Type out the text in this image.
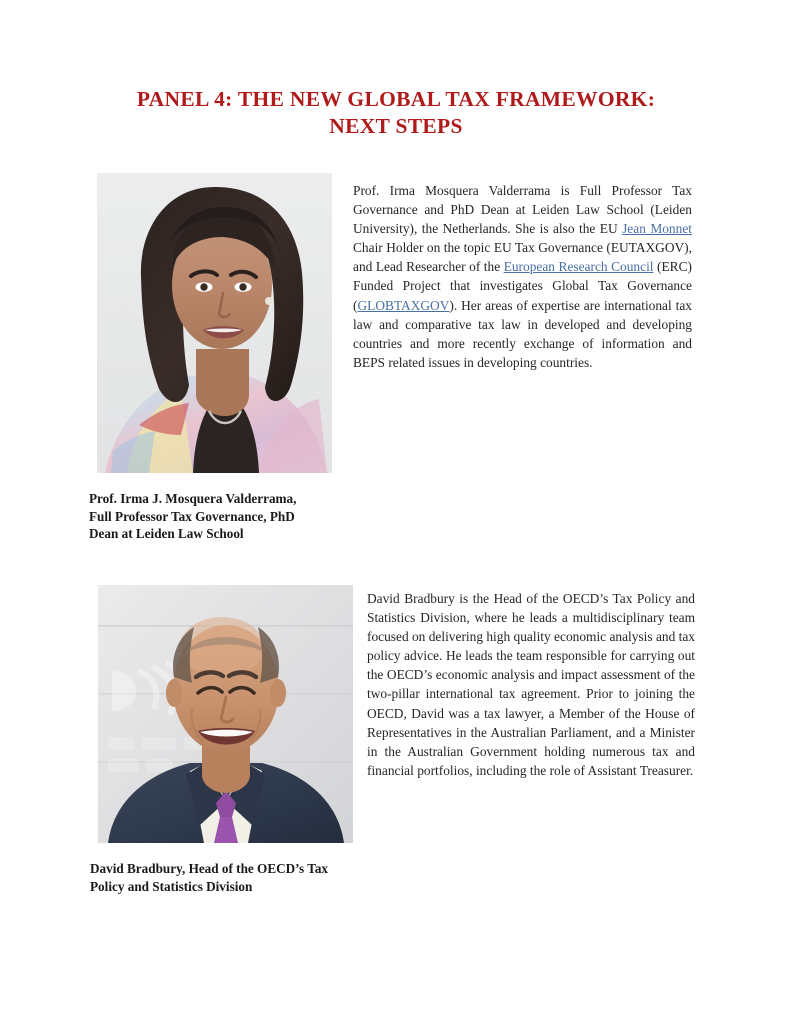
PANEL 4: THE NEW GLOBAL TAX FRAMEWORK:
NEXT STEPS
Prof. Irma J. Mosquera Valderrama,
Full Professor Tax Governance, PhD
Dean at Leiden Law School

Prof. Irma Mosquera Valderrama is Full Professor Tax Governance and PhD Dean at Leiden Law School (Leiden University), the Netherlands. She is also the EU Jean Monnet Chair Holder on the topic EU Tax Governance (EUTAXGOV), and Lead Researcher of the European Research Council (ERC) Funded Project that investigates Global Tax Governance (GLOBTAXGOV). Her areas of expertise are international tax law and comparative tax law in developed and developing countries and more recently exchange of information and BEPS related issues in developing countries.

David Bradbury, Head of the OECD’s Tax
Policy and Statistics Division

David Bradbury is the Head of the OECD’s Tax Policy and Statistics Division, where he leads a multidisciplinary team focused on delivering high quality economic analysis and tax policy advice. He leads the team responsible for carrying out the OECD’s economic analysis and impact assessment of the two-pillar international tax agreement. Prior to joining the OECD, David was a tax lawyer, a Member of the House of Representatives in the Australian Parliament, and a Minister in the Australian Government holding numerous tax and financial portfolios, including the role of Assistant Treasurer.
